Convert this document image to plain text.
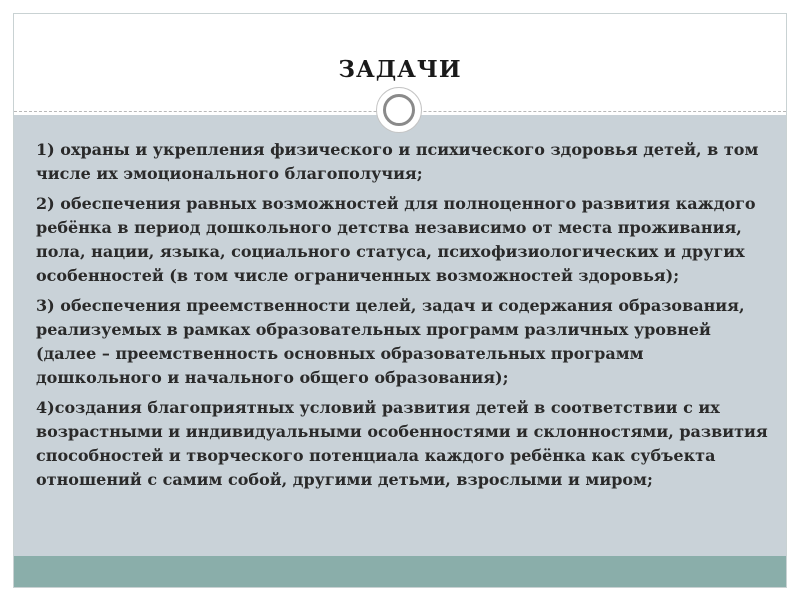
ЗАДАЧИ

1) охраны и укрепления физического и психического здоровья детей, в том числе их эмоционального благополучия;

2) обеспечения равных возможностей для полноценного развития каждого ребёнка в период дошкольного детства независимо от места проживания, пола, нации, языка, социального статуса, психофизиологических и других особенностей (в том числе ограниченных возможностей здоровья);

3) обеспечения преемственности целей, задач и содержания образования, реализуемых в рамках образовательных программ различных уровней (далее – преемственность основных образовательных программ дошкольного и начального общего образования);

4)создания благоприятных условий развития детей в соответствии с их возрастными и индивидуальными особенностями и склонностями, развития способностей и творческого потенциала каждого ребёнка как субъекта отношений с самим собой, другими детьми, взрослыми и миром;
